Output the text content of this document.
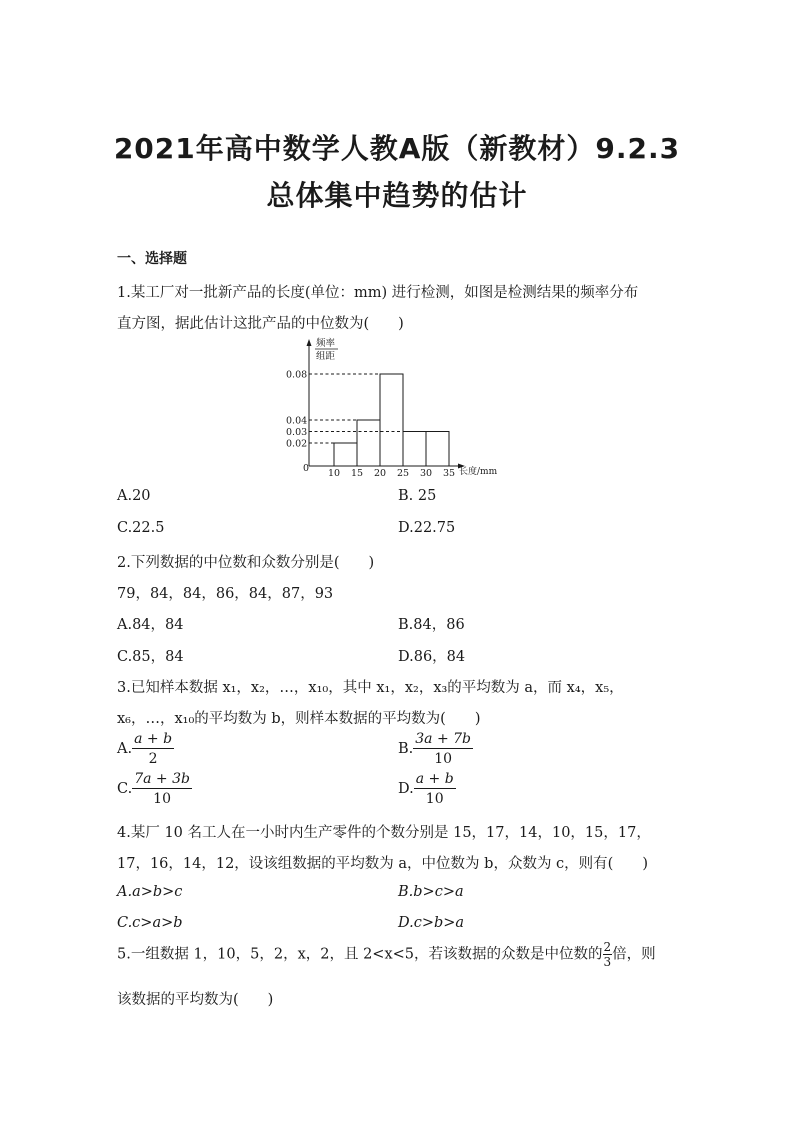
2021年高中数学人教A版（新教材）9.2.3
总体集中趋势的估计
一、选择题
1.某工厂对一批新产品的长度(单位：mm) 进行检测，如图是检测结果的频率分布
直方图，据此估计这批产品的中位数为(　　)
0.08
0.04
0.03
0.02
10 15 20 25 30 35
频率
组距
长度/mm
0
A.20	B. 25
C.22.5	D.22.75
2.下列数据的中位数和众数分别是(　　)
79，84，84，86，84，87，93
A.84，84	B.84，86
C.85，84	D.86，84
3.已知样本数据 x₁，x₂，…，x₁₀，其中 x₁，x₂，x₃的平均数为 a，而 x₄，x₅，
x₆，…，x₁₀的平均数为 b，则样本数据的平均数为(　　)
A. $\frac{a + b}{2}$	B. $\frac{3a + 7b}{10}$
C. $\frac{7a + 3b}{10}$	D. $\frac{a + b}{10}$
4.某厂 10 名工人在一小时内生产零件的个数分别是 15，17，14，10，15，17，
17，16，14，12，设该组数据的平均数为 a，中位数为 b，众数为 c，则有(　　)
A.a>b>c	B.b>c>a
C.c>a>b	D.c>b>a
5.一组数据 1，10，5，2，x，2，且 2<x<5，若该数据的众数是中位数的 $\frac{2}{3}$ 倍，则
该数据的平均数为(　　)
